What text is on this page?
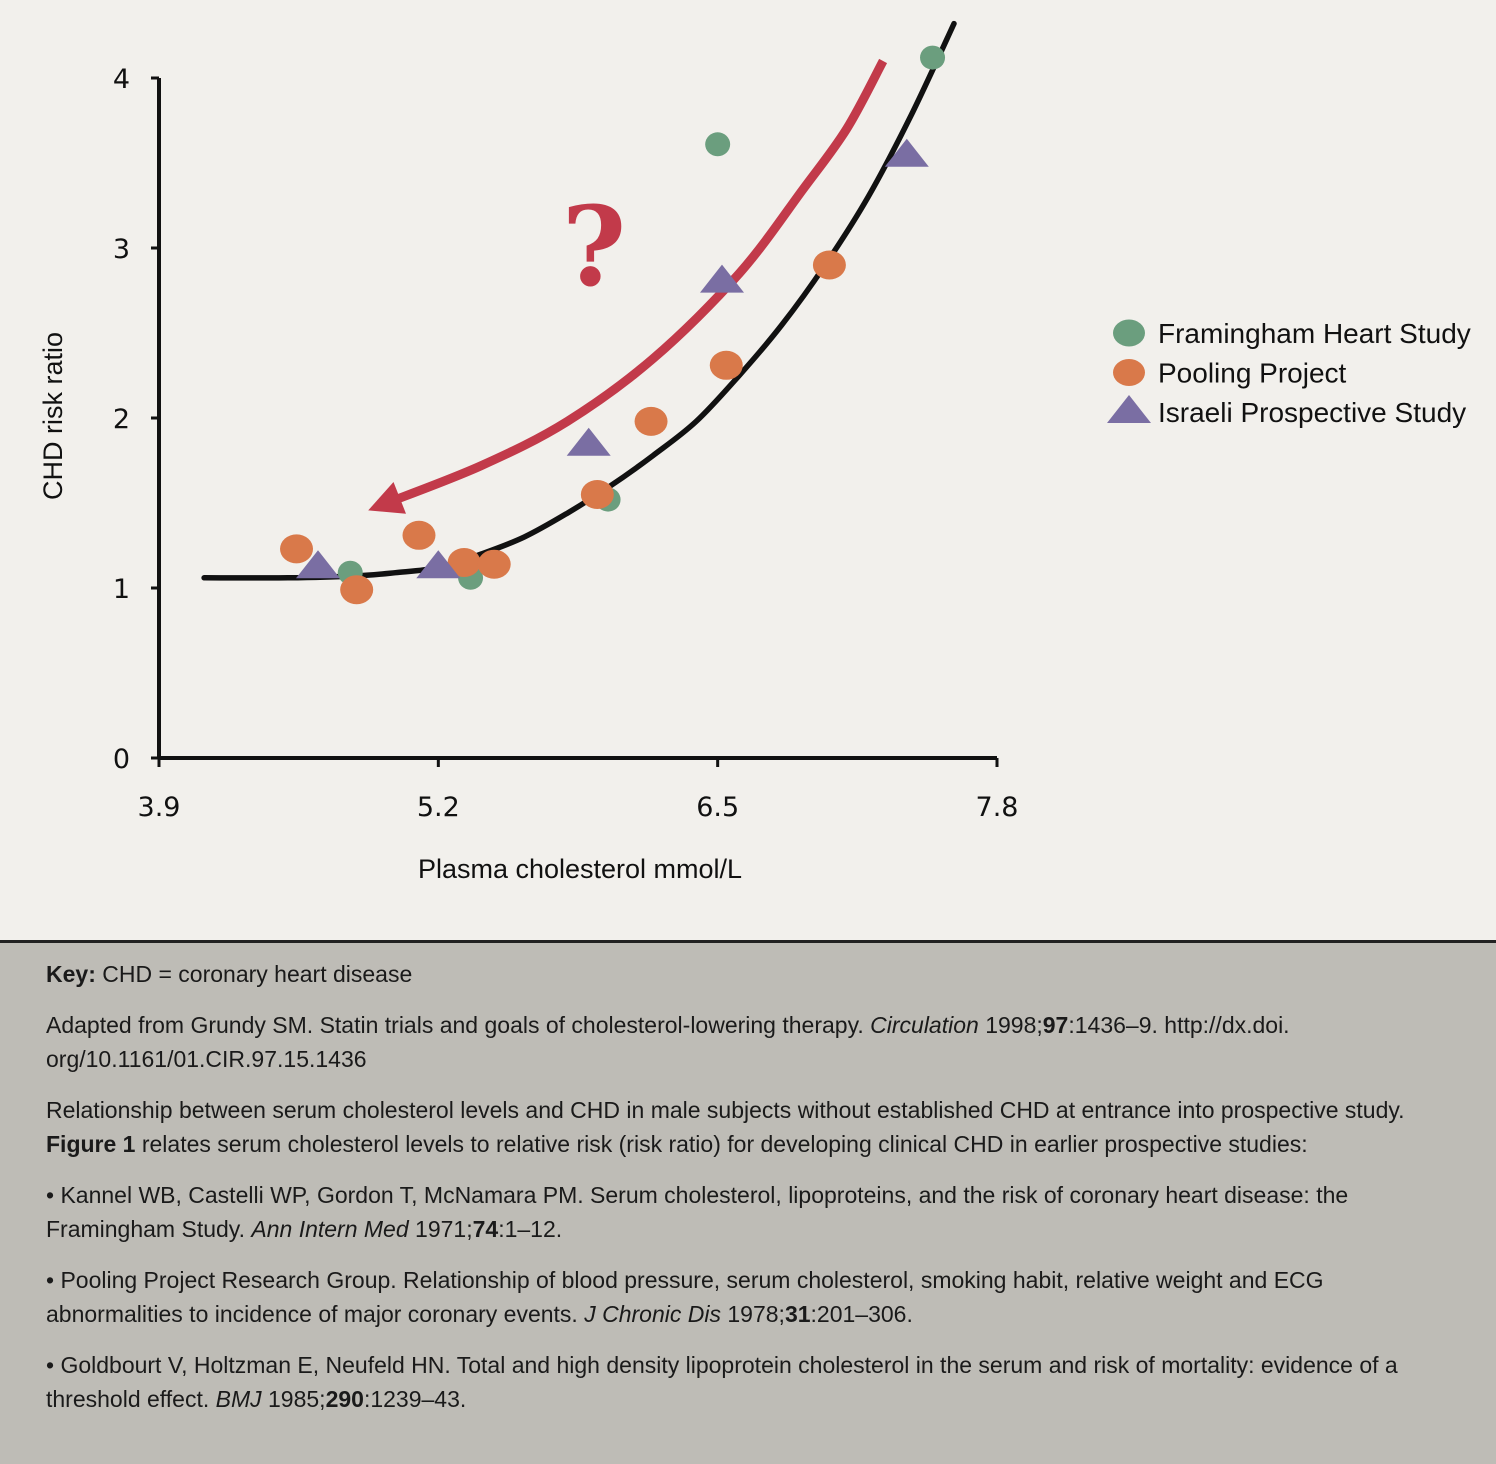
0
1
2
3
4
3.9	5.2	6.5	7.8
Plasma cholesterol mmol/L
CHD risk ratio	Framingham Heart Study
Pooling Project
Israeli Prospective Study
?

Key: CHD = coronary heart disease

Adapted from Grundy SM. Statin trials and goals of cholesterol-lowering therapy. Circulation 1998;97:1436–9. http://dx.doi. org/10.1161/01.CIR.97.15.1436

Relationship between serum cholesterol levels and CHD in male subjects without established CHD at entrance into prospective study. Figure 1 relates serum cholesterol levels to relative risk (risk ratio) for developing clinical CHD in earlier prospective studies:

• Kannel WB, Castelli WP, Gordon T, McNamara PM. Serum cholesterol, lipoproteins, and the risk of coronary heart disease: the Framingham Study. Ann Intern Med 1971;74:1–12.

• Pooling Project Research Group. Relationship of blood pressure, serum cholesterol, smoking habit, relative weight and ECG abnormalities to incidence of major coronary events. J Chronic Dis 1978;31:201–306.

• Goldbourt V, Holtzman E, Neufeld HN. Total and high density lipoprotein cholesterol in the serum and risk of mortality: evidence of a threshold effect. BMJ 1985;290:1239–43.
